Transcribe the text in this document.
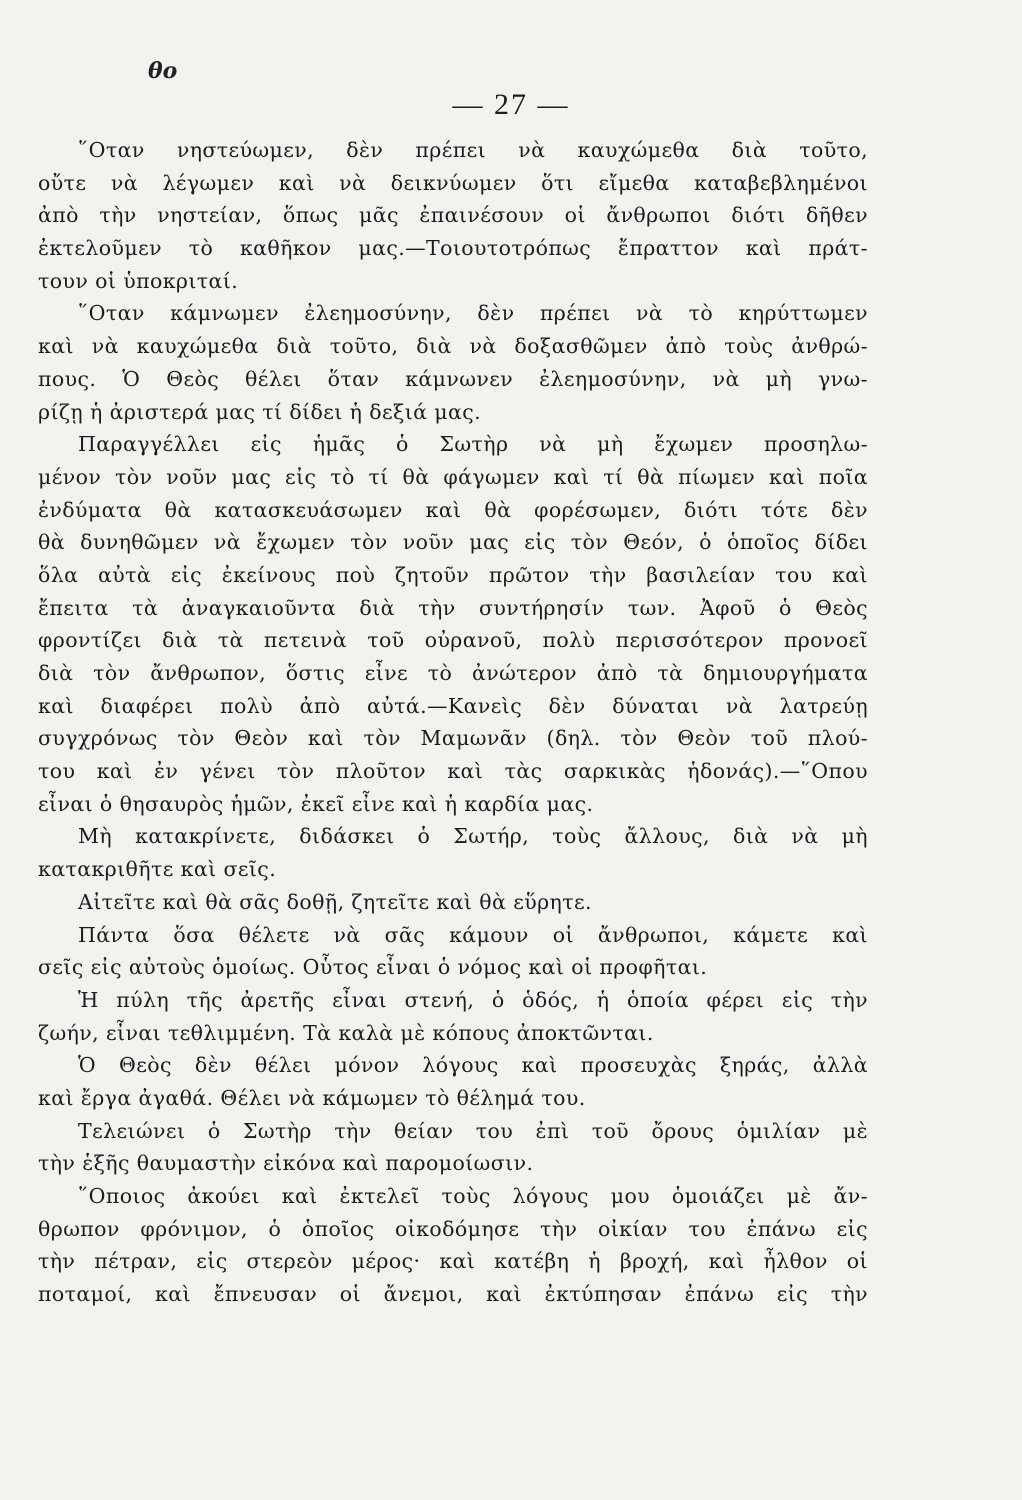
θο
— 27 —
῞Οταν νηστεύωμεν, δὲν πρέπει νὰ καυχώμεθα διὰ τοῦτο,
οὔτε νὰ λέγωμεν καὶ νὰ δεικνύωμεν ὅτι εἴμεθα καταβεβλημένοι
ἀπὸ τὴν νηστείαν, ὅπως μᾶς ἐπαινέσουν οἱ ἄνθρωποι διότι δῆθεν
ἐκτελοῦμεν τὸ καθῆκον μας.—Τοιουτοτρόπως ἔπραττον καὶ πράτ-
τουν οἱ ὑποκριταί.
῞Οταν κάμνωμεν ἐλεημοσύνην, δὲν πρέπει νὰ τὸ κηρύττωμεν
καὶ νὰ καυχώμεθα διὰ τοῦτο, διὰ νὰ δοξασθῶμεν ἀπὸ τοὺς ἀνθρώ-
πους. Ὁ Θεὸς θέλει ὅταν κάμνωνεν ἐλεημοσύνην, νὰ μὴ γνω-
ρίζῃ ἡ ἀριστερά μας τί δίδει ἡ δεξιά μας.
Παραγγέλλει εἰς ἡμᾶς ὁ Σωτὴρ νὰ μὴ ἔχωμεν προσηλω-
μένον τὸν νοῦν μας εἰς τὸ τί θὰ φάγωμεν καὶ τί θὰ πίωμεν καὶ ποῖα
ἐνδύματα θὰ κατασκευάσωμεν καὶ θὰ φορέσωμεν, διότι τότε δὲν
θὰ δυνηθῶμεν νὰ ἔχωμεν τὸν νοῦν μας εἰς τὸν Θεόν, ὁ ὁποῖος δίδει
ὅλα αὐτὰ εἰς ἐκείνους ποὺ ζητοῦν πρῶτον τὴν βασιλείαν του καὶ
ἔπειτα τὰ ἀναγκαιοῦντα διὰ τὴν συντήρησίν των. Ἀφοῦ ὁ Θεὸς
φροντίζει διὰ τὰ πετεινὰ τοῦ οὐρανοῦ, πολὺ περισσότερον προνοεῖ
διὰ τὸν ἄνθρωπον, ὅστις εἶνε τὸ ἀνώτερον ἀπὸ τὰ δημιουργήματα
καὶ διαφέρει πολὺ ἀπὸ αὐτά.—Κανεὶς δὲν δύναται νὰ λατρεύῃ
συγχρόνως τὸν Θεὸν καὶ τὸν Μαμωνᾶν (δηλ. τὸν Θεὸν τοῦ πλού-
του καὶ ἐν γένει τὸν πλοῦτον καὶ τὰς σαρκικὰς ἡδονάς).—῞Οπου
εἶναι ὁ θησαυρὸς ἡμῶν, ἐκεῖ εἶνε καὶ ἡ καρδία μας.
Μὴ κατακρίνετε, διδάσκει ὁ Σωτήρ, τοὺς ἄλλους, διὰ νὰ μὴ
κατακριθῆτε καὶ σεῖς.
Αἰτεῖτε καὶ θὰ σᾶς δοθῇ, ζητεῖτε καὶ θὰ εὕρητε.
Πάντα ὅσα θέλετε νὰ σᾶς κάμουν οἱ ἄνθρωποι, κάμετε καὶ
σεῖς εἰς αὐτοὺς ὁμοίως. Οὗτος εἶναι ὁ νόμος καὶ οἱ προφῆται.
Ἡ πύλη τῆς ἀρετῆς εἶναι στενή, ὁ ὁδός, ἡ ὁποία φέρει εἰς τὴν
ζωήν, εἶναι τεθλιμμένη. Τὰ καλὰ μὲ κόπους ἀποκτῶνται.
Ὁ Θεὸς δὲν θέλει μόνον λόγους καὶ προσευχὰς ξηράς, ἀλλὰ
καὶ ἔργα ἀγαθά. Θέλει νὰ κάμωμεν τὸ θέλημά του.
Τελειώνει ὁ Σωτὴρ τὴν θείαν του ἐπὶ τοῦ ὄρους ὁμιλίαν μὲ
τὴν ἑξῆς θαυμαστὴν εἰκόνα καὶ παρομοίωσιν.
῞Οποιος ἀκούει καὶ ἐκτελεῖ τοὺς λόγους μου ὁμοιάζει μὲ ἄν-
θρωπον φρόνιμον, ὁ ὁποῖος οἰκοδόμησε τὴν οἰκίαν του ἐπάνω εἰς
τὴν πέτραν, εἰς στερεὸν μέρος· καὶ κατέβη ἡ βροχή, καὶ ἦλθον οἱ
ποταμοί, καὶ ἔπνευσαν οἱ ἄνεμοι, καὶ ἐκτύπησαν ἐπάνω εἰς τὴν
